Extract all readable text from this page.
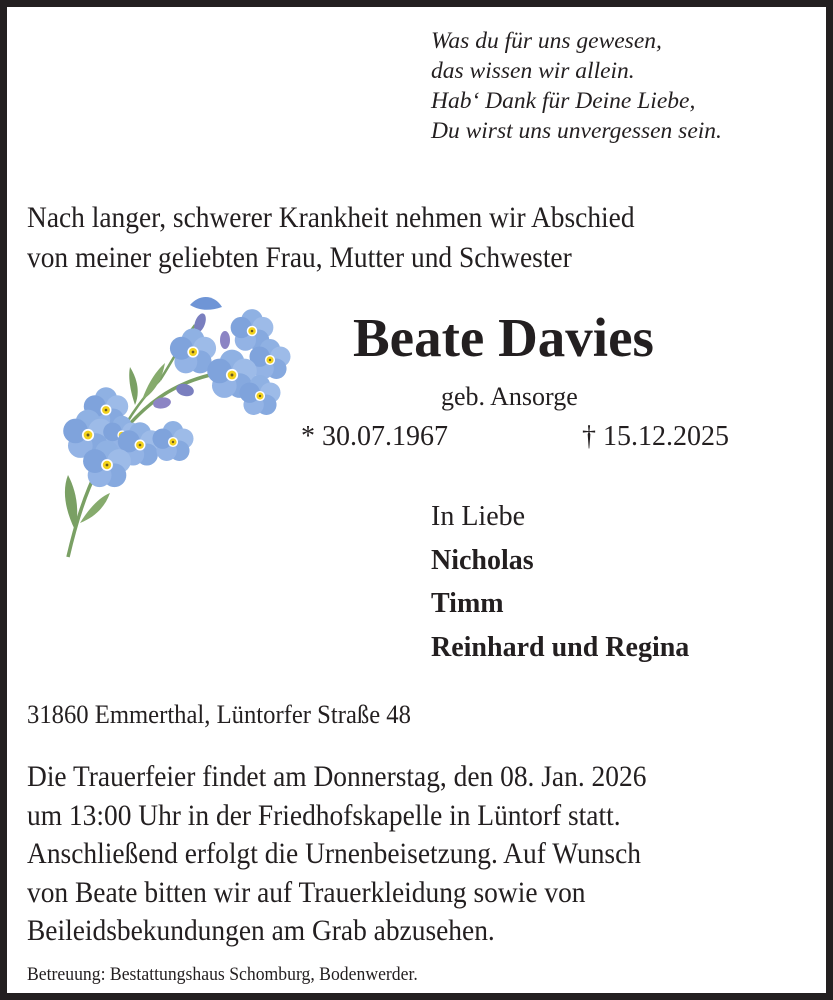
Was du für uns gewesen,
das wissen wir allein.
Hab‘ Dank für Deine Liebe,
Du wirst uns unvergessen sein.
Nach langer, schwerer Krankheit nehmen wir Abschied
von meiner geliebten Frau, Mutter und Schwester
Beate Davies
geb. Ansorge
* 30.07.1967	† 15.12.2025
In Liebe
Nicholas
Timm
Reinhard und Regina
31860 Emmerthal, Lüntorfer Straße 48
Die Trauerfeier findet am Donnerstag, den 08. Jan. 2026
um 13:00 Uhr in der Friedhofskapelle in Lüntorf statt.
Anschließend erfolgt die Urnenbeisetzung. Auf Wunsch
von Beate bitten wir auf Trauerkleidung sowie von
Beileidsbekundungen am Grab abzusehen.
Betreuung: Bestattungshaus Schomburg, Bodenwerder.
